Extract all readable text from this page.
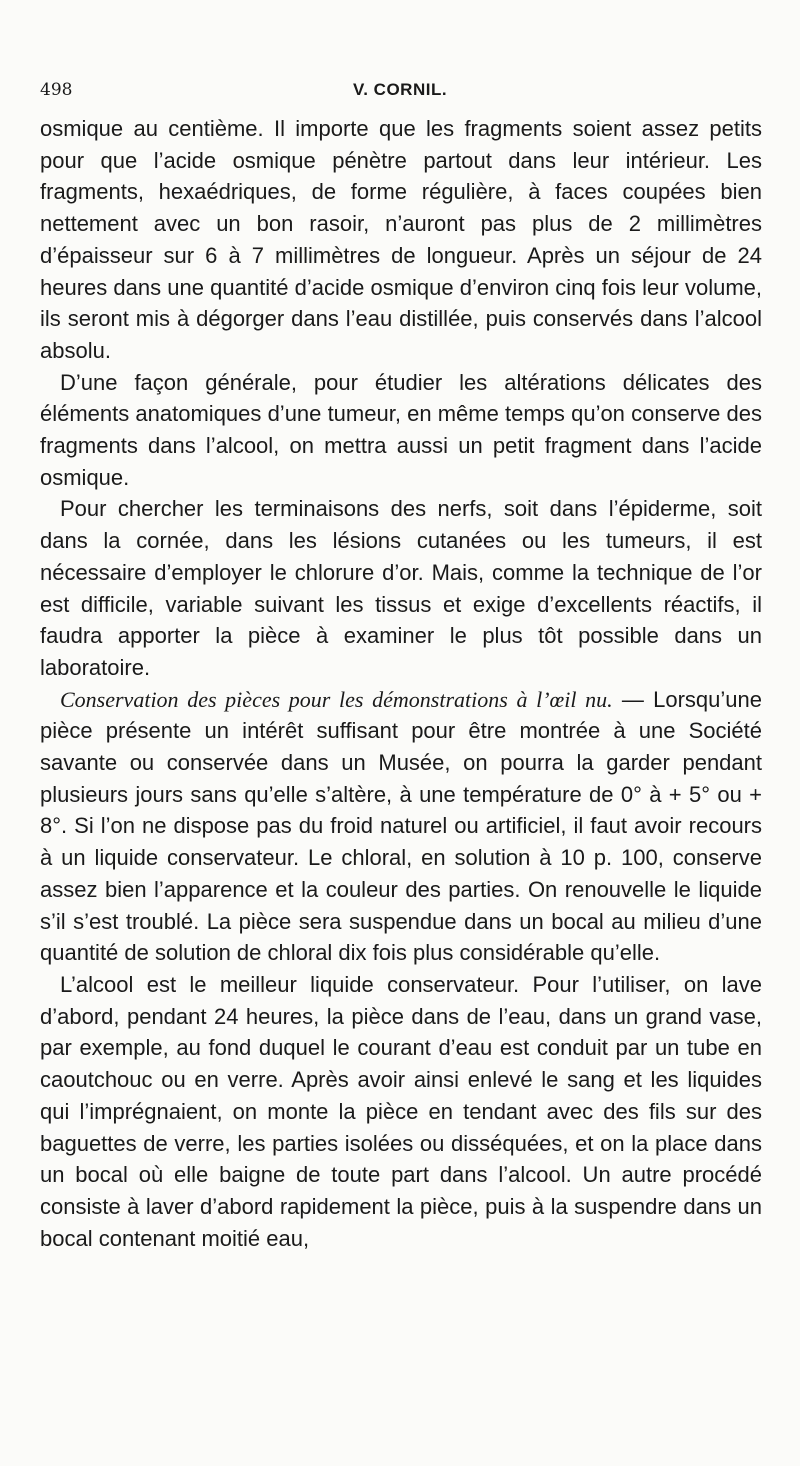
498	V. CORNIL.

osmique au centième. Il importe que les fragments soient assez petits pour que l’acide osmique pénètre partout dans leur intérieur. Les fragments, hexaédriques, de forme régulière, à faces coupées bien nettement avec un bon rasoir, n’auront pas plus de 2 millimètres d’épaisseur sur 6 à 7 millimètres de longueur. Après un séjour de 24 heures dans une quantité d’acide osmique d’environ cinq fois leur volume, ils seront mis à dégorger dans l’eau distillée, puis conservés dans l’alcool absolu.

D’une façon générale, pour étudier les altérations délicates des éléments anatomiques d’une tumeur, en même temps qu’on conserve des fragments dans l’alcool, on mettra aussi un petit fragment dans l’acide osmique.

Pour chercher les terminaisons des nerfs, soit dans l’épiderme, soit dans la cornée, dans les lésions cutanées ou les tumeurs, il est nécessaire d’employer le chlorure d’or. Mais, comme la technique de l’or est difficile, variable suivant les tissus et exige d’excellents réactifs, il faudra apporter la pièce à examiner le plus tôt possible dans un laboratoire.

Conservation des pièces pour les démonstrations à l’œil nu. — Lorsqu’une pièce présente un intérêt suffisant pour être montrée à une Société savante ou conservée dans un Musée, on pourra la garder pendant plusieurs jours sans qu’elle s’altère, à une température de 0° à + 5° ou + 8°. Si l’on ne dispose pas du froid naturel ou artificiel, il faut avoir recours à un liquide conservateur. Le chloral, en solution à 10 p. 100, conserve assez bien l’apparence et la couleur des parties. On renouvelle le liquide s’il s’est troublé. La pièce sera suspendue dans un bocal au milieu d’une quantité de solution de chloral dix fois plus considérable qu’elle.

L’alcool est le meilleur liquide conservateur. Pour l’utiliser, on lave d’abord, pendant 24 heures, la pièce dans de l’eau, dans un grand vase, par exemple, au fond duquel le courant d’eau est conduit par un tube en caoutchouc ou en verre. Après avoir ainsi enlevé le sang et les liquides qui l’imprégnaient, on monte la pièce en tendant avec des fils sur des baguettes de verre, les parties isolées ou disséquées, et on la place dans un bocal où elle baigne de toute part dans l’alcool. Un autre procédé consiste à laver d’abord rapidement la pièce, puis à la suspendre dans un bocal contenant moitié eau,
